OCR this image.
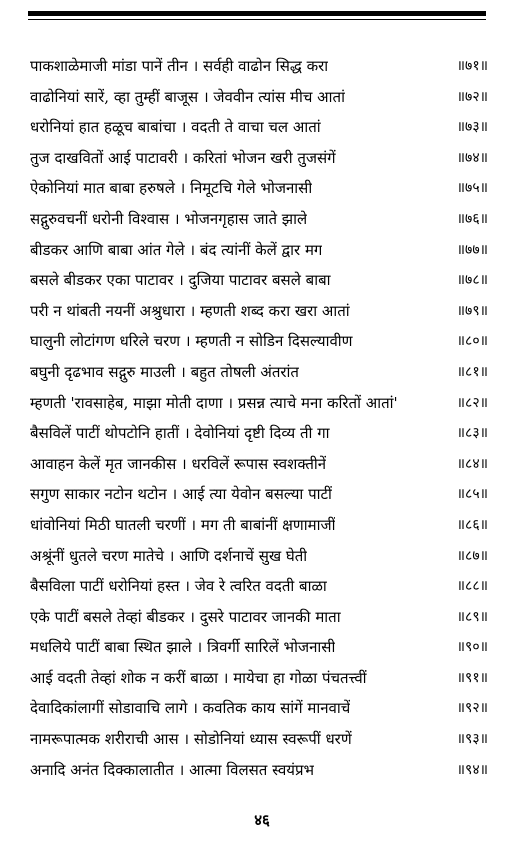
पाकशाळेमाजी मांडा पानें तीन । सर्वही वाढोन सिद्ध करा	॥७१॥
वाढोनियां सारें, व्हा तुम्हीं बाजूस । जेववीन त्यांस मीच आतां	॥७२॥
धरोनियां हात हळूच बाबांचा । वदती ते वाचा चल आतां	॥७३॥
तुज दाखवितों आई पाटावरी । करितां भोजन खरी तुजसंगें	॥७४॥
ऐकोनियां मात बाबा हरुषले । निमूटचि गेले भोजनासी	॥७५॥
सद्गुरुवचनीं धरोनी विश्वास । भोजनगृहास जाते झाले	॥७६॥
बीडकर आणि बाबा आंत गेले । बंद त्यांनीं केलें द्वार मग	॥७७॥
बसले बीडकर एका पाटावर । दुजिया पाटावर बसले बाबा	॥७८॥
परी न थांबती नयनीं अश्रुधारा । म्हणती शब्द करा खरा आतां	॥७९॥
घालुनी लोटांगण धरिले चरण । म्हणती न सोडिन दिसल्यावीण	॥८०॥
बघुनी दृढभाव सद्गुरु माउली । बहुत तोषली अंतरांत	॥८१॥
म्हणती 'रावसाहेब, माझा मोती दाणा । प्रसन्न त्याचे मना करितों आतां'	॥८२॥
बैसविलें पाटीं थोपटोनि हातीं । देवोनियां दृष्टी दिव्य ती गा	॥८३॥
आवाहन केलें मृत जानकीस । धरविलें रूपास स्वशक्तीनें	॥८४॥
सगुण साकार नटोन थटोन । आई त्या येवोन बसल्या पाटीं	॥८५॥
धांवोनियां मिठी घातली चरणीं । मग ती बाबांनीं क्षणामाजीं	॥८६॥
अश्रूंनीं धुतले चरण मातेचे । आणि दर्शनाचें सुख घेती	॥८७॥
बैसविला पाटीं धरोनियां हस्त । जेव रे त्वरित वदती बाळा	॥८८॥
एके पाटीं बसले तेव्हां बीडकर । दुसरे पाटावर जानकी माता	॥८९॥
मधलिये पाटीं बाबा स्थित झाले । त्रिवर्गी सारिलें भोजनासी	॥९०॥
आई वदती तेव्हां शोक न करीं बाळा । मायेचा हा गोळा पंचतत्त्वीं	॥९१॥
देवादिकांलागीं सोडावाचि लागे । कवतिक काय सांगें मानवाचें	॥९२॥
नामरूपात्मक शरीराची आस । सोडोनियां ध्यास स्वरूपीं धरणें	॥९३॥
अनादि अनंत दिक्कालातीत । आत्मा विलसत स्वयंप्रभ	॥९४॥
४६
